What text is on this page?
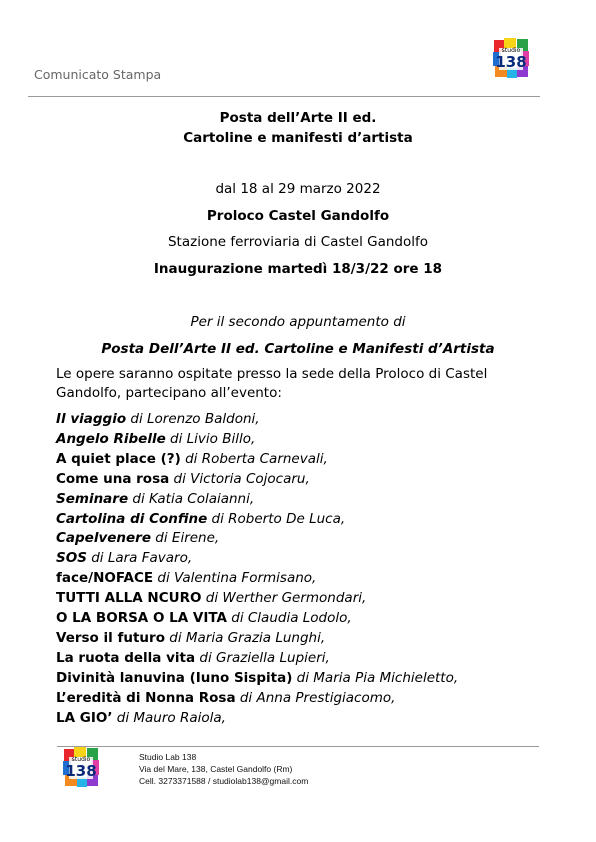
Comunicato Stampa
studio
138
Posta dell’Arte II ed.
Cartoline e manifesti d’artista
dal 18 al 29 marzo 2022
Proloco Castel Gandolfo
Stazione ferroviaria di Castel Gandolfo
Inaugurazione martedì 18/3/22 ore 18
Per il secondo appuntamento di
Posta Dell’Arte II ed. Cartoline e Manifesti d’Artista
Le opere saranno ospitate presso la sede della Proloco di Castel Gandolfo, partecipano all’evento:
Il viaggio di Lorenzo Baldoni,
Angelo Ribelle di Livio Billo,
A quiet place (?) di Roberta Carnevali,
Come una rosa di Victoria Cojocaru,
Seminare di Katia Colaianni,
Cartolina di Confine di Roberto De Luca,
Capelvenere di Eirene,
SOS di Lara Favaro,
face/NOFACE di Valentina Formisano,
TUTTI ALLA NCURO di Werther Germondari,
O LA BORSA O LA VITA di Claudia Lodolo,
Verso il futuro di Maria Grazia Lunghi,
La ruota della vita di Graziella Lupieri,
Divinità lanuvina (Iuno Sispita) di Maria Pia Michieletto,
L’eredità di Nonna Rosa di Anna Prestigiacomo,
LA GIO’ di Mauro Raiola,
studio
138
Studio Lab 138
Via del Mare, 138, Castel Gandolfo (Rm)
Cell. 3273371588 / studiolab138@gmail.com
